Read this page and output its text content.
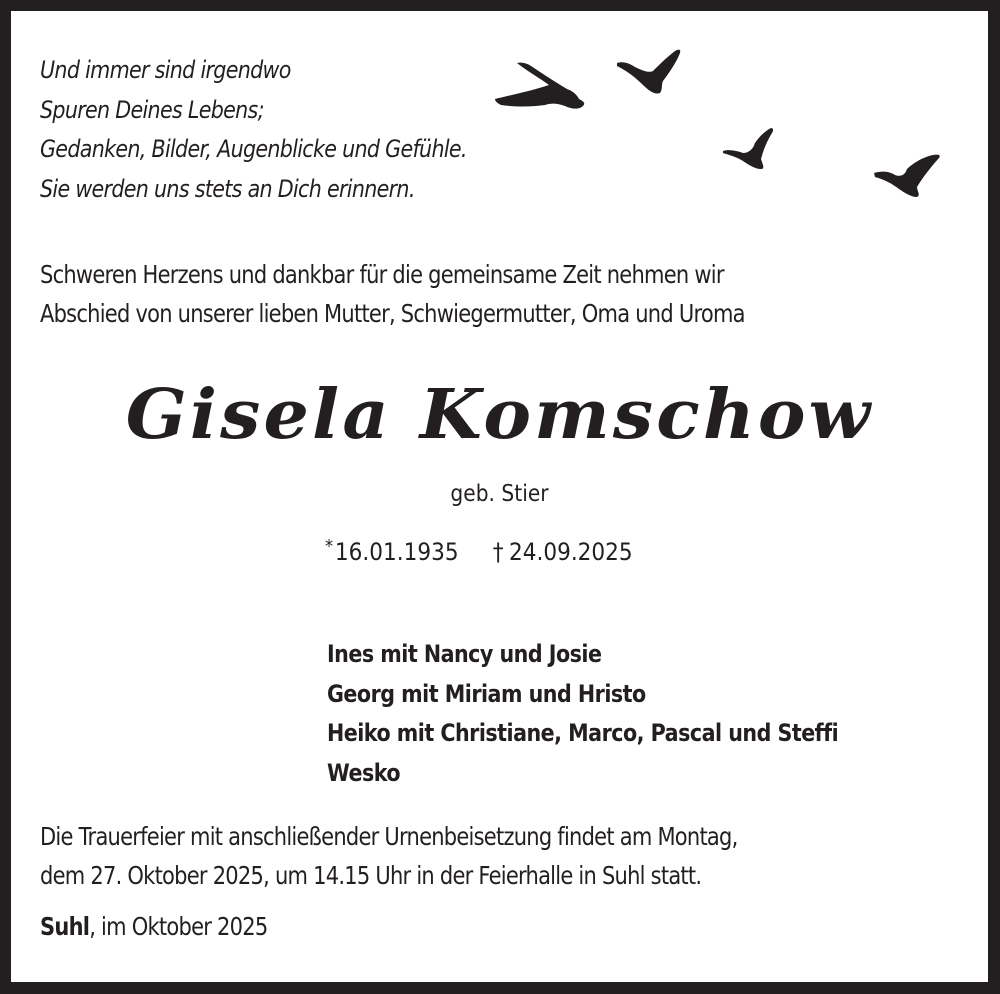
Und immer sind irgendwo
Spuren Deines Lebens;
Gedanken, Bilder, Augenblicke und Gefühle.
Sie werden uns stets an Dich erinnern.
Schweren Herzens und dankbar für die gemeinsame Zeit nehmen wir
Abschied von unserer lieben Mutter, Schwiegermutter, Oma und Uroma
Gisela Komschow
geb. Stier
*16.01.1935 † 24.09.2025
Ines mit Nancy und Josie
Georg mit Miriam und Hristo
Heiko mit Christiane, Marco, Pascal und Steffi
Wesko
Die Trauerfeier mit anschließender Urnenbeisetzung findet am Montag,
dem 27. Oktober 2025, um 14.15 Uhr in der Feierhalle in Suhl statt.
Suhl, im Oktober 2025
